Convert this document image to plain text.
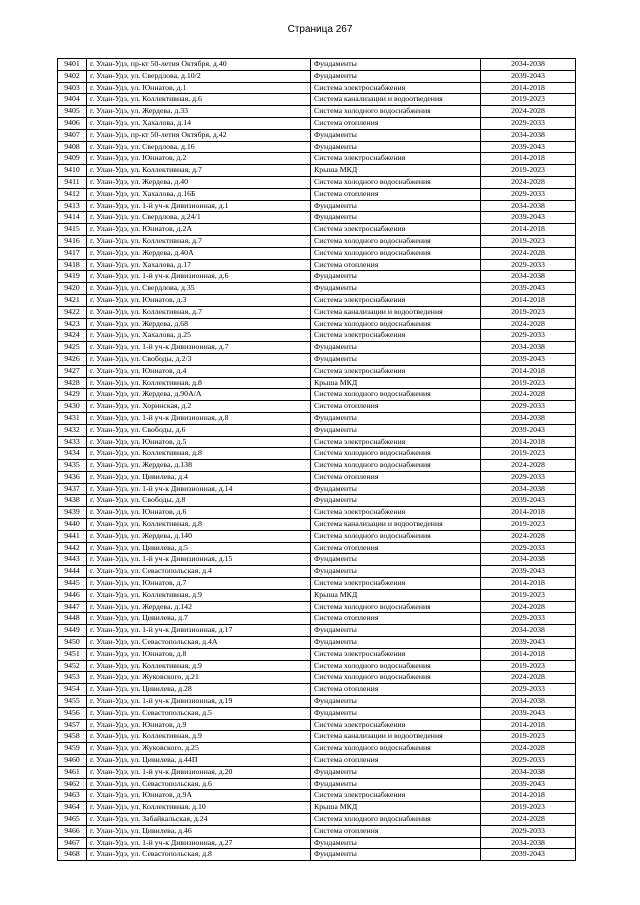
Страница 267
9401	г. Улан-Удэ, пр-кт 50-летия Октября, д.40	Фундаменты	2034-2038
9402	г. Улан-Удэ, ул. Свердлова, д.10/2	Фундаменты	2039-2043
9403	г. Улан-Удэ, ул. Юннатов, д.1	Система электроснабжения	2014-2018
9404	г. Улан-Удэ, ул. Коллективная, д.6	Система канализации и водоотведения	2019-2023
9405	г. Улан-Удэ, ул. Жердева, д.33	Система холодного водоснабжения	2024-2028
9406	г. Улан-Удэ, ул. Хахалова, д.14	Система отопления	2029-2033
9407	г. Улан-Удэ, пр-кт 50-летия Октября, д.42	Фундаменты	2034-2038
9408	г. Улан-Удэ, ул. Свердлова, д.16	Фундаменты	2039-2043
9409	г. Улан-Удэ, ул. Юннатов, д.2	Система электроснабжения	2014-2018
9410	г. Улан-Удэ, ул. Коллективная, д.7	Крыша МКД	2019-2023
9411	г. Улан-Удэ, ул. Жердева, д.40	Система холодного водоснабжения	2024-2028
9412	г. Улан-Удэ, ул. Хахалова, д.16Б	Система отопления	2029-2033
9413	г. Улан-Удэ, ул. 1-й уч-к Дивизионная, д.1	Фундаменты	2034-2038
9414	г. Улан-Удэ, ул. Свердлова, д.24/1	Фундаменты	2039-2043
9415	г. Улан-Удэ, ул. Юннатов, д.2А	Система электроснабжения	2014-2018
9416	г. Улан-Удэ, ул. Коллективная, д.7	Система холодного водоснабжения	2019-2023
9417	г. Улан-Удэ, ул. Жердева, д.40А	Система холодного водоснабжения	2024-2028
9418	г. Улан-Удэ, ул. Хахалова, д.17	Система отопления	2029-2033
9419	г. Улан-Удэ, ул. 1-й уч-к Дивизионная, д.6	Фундаменты	2034-2038
9420	г. Улан-Удэ, ул. Свердлова, д.35	Фундаменты	2039-2043
9421	г. Улан-Удэ, ул. Юннатов, д.3	Система электроснабжения	2014-2018
9422	г. Улан-Удэ, ул. Коллективная, д.7	Система канализации и водоотведения	2019-2023
9423	г. Улан-Удэ, ул. Жердева, д.68	Система холодного водоснабжения	2024-2028
9424	г. Улан-Удэ, ул. Хахалова, д.25	Система электроснабжения	2029-2033
9425	г. Улан-Удэ, ул. 1-й уч-к Дивизионная, д.7	Фундаменты	2034-2038
9426	г. Улан-Удэ, ул. Свободы, д.2/3	Фундаменты	2039-2043
9427	г. Улан-Удэ, ул. Юннатов, д.4	Система электроснабжения	2014-2018
9428	г. Улан-Удэ, ул. Коллективная, д.8	Крыша МКД	2019-2023
9429	г. Улан-Удэ, ул. Жердева, д.90А/А	Система холодного водоснабжения	2024-2028
9430	г. Улан-Удэ, ул. Хоринская, д.2	Система отопления	2029-2033
9431	г. Улан-Удэ, ул. 1-й уч-к Дивизионная, д.8	Фундаменты	2034-2038
9432	г. Улан-Удэ, ул. Свободы, д.6	Фундаменты	2039-2043
9433	г. Улан-Удэ, ул. Юннатов, д.5	Система электроснабжения	2014-2018
9434	г. Улан-Удэ, ул. Коллективная, д.8	Система холодного водоснабжения	2019-2023
9435	г. Улан-Удэ, ул. Жердева, д.138	Система холодного водоснабжения	2024-2028
9436	г. Улан-Удэ, ул. Цивилева, д.4	Система отопления	2029-2033
9437	г. Улан-Удэ, ул. 1-й уч-к Дивизионная, д.14	Фундаменты	2034-2038
9438	г. Улан-Удэ, ул. Свободы, д.8	Фундаменты	2039-2043
9439	г. Улан-Удэ, ул. Юннатов, д.6	Система электроснабжения	2014-2018
9440	г. Улан-Удэ, ул. Коллективная, д.8	Система канализации и водоотведения	2019-2023
9441	г. Улан-Удэ, ул. Жердева, д.140	Система холодного водоснабжения	2024-2028
9442	г. Улан-Удэ, ул. Цивилева, д.5	Система отопления	2029-2033
9443	г. Улан-Удэ, ул. 1-й уч-к Дивизионная, д.15	Фундаменты	2034-2038
9444	г. Улан-Удэ, ул. Севастопольская, д.4	Фундаменты	2039-2043
9445	г. Улан-Удэ, ул. Юннатов, д.7	Система электроснабжения	2014-2018
9446	г. Улан-Удэ, ул. Коллективная, д.9	Крыша МКД	2019-2023
9447	г. Улан-Удэ, ул. Жердева, д.142	Система холодного водоснабжения	2024-2028
9448	г. Улан-Удэ, ул. Цивилева, д.7	Система отопления	2029-2033
9449	г. Улан-Удэ, ул. 1-й уч-к Дивизионная, д.17	Фундаменты	2034-2038
9450	г. Улан-Удэ, ул. Севастопольская, д.4А	Фундаменты	2039-2043
9451	г. Улан-Удэ, ул. Юннатов, д.8	Система электроснабжения	2014-2018
9452	г. Улан-Удэ, ул. Коллективная, д.9	Система холодного водоснабжения	2019-2023
9453	г. Улан-Удэ, ул. Жуковского, д.21	Система холодного водоснабжения	2024-2028
9454	г. Улан-Удэ, ул. Цивилева, д.28	Система отопления	2029-2033
9455	г. Улан-Удэ, ул. 1-й уч-к Дивизионная, д.19	Фундаменты	2034-2038
9456	г. Улан-Удэ, ул. Севастопольская, д.5	Фундаменты	2039-2043
9457	г. Улан-Удэ, ул. Юннатов, д.9	Система электроснабжения	2014-2018
9458	г. Улан-Удэ, ул. Коллективная, д.9	Система канализации и водоотведения	2019-2023
9459	г. Улан-Удэ, ул. Жуковского, д.25	Система холодного водоснабжения	2024-2028
9460	г. Улан-Удэ, ул. Цивилева, д.44П	Система отопления	2029-2033
9461	г. Улан-Удэ, ул. 1-й уч-к Дивизионная, д.20	Фундаменты	2034-2038
9462	г. Улан-Удэ, ул. Севастопольская, д.6	Фундаменты	2039-2043
9463	г. Улан-Удэ, ул. Юннатов, д.9А	Система электроснабжения	2014-2018
9464	г. Улан-Удэ, ул. Коллективная, д.10	Крыша МКД	2019-2023
9465	г. Улан-Удэ, ул. Забайкальская, д.24	Система холодного водоснабжения	2024-2028
9466	г. Улан-Удэ, ул. Цивилева, д.46	Система отопления	2029-2033
9467	г. Улан-Удэ, ул. 1-й уч-к Дивизионная, д.27	Фундаменты	2034-2038
9468	г. Улан-Удэ, ул. Севастопольская, д.8	Фундаменты	2039-2043
